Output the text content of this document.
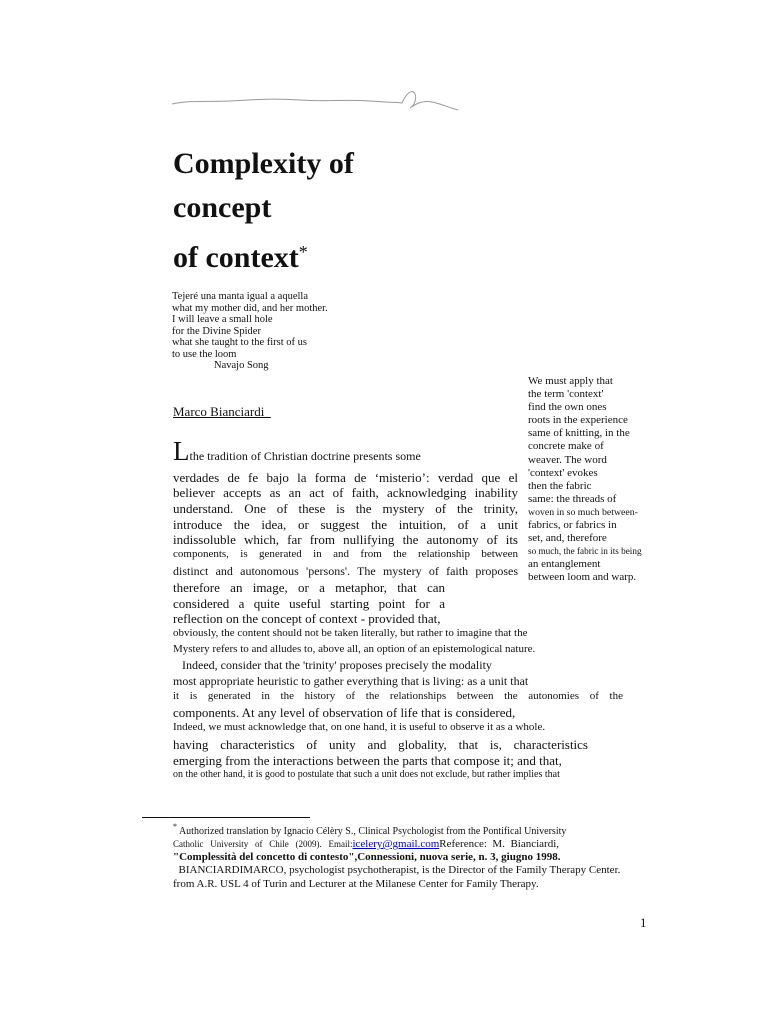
Complexity of
concept
of context*
Tejeré una manta igual a aquella
what my mother did, and her mother.
I will leave a small hole
for the Divine Spider
what she taught to the first of us
to use the loom
Navajo Song
Marco Bianciardi
We must apply that
the term 'context'
find the own ones
roots in the experience
same of knitting, in the
concrete make of
weaver. The word
'context' evokes
then the fabric
same: the threads of
woven in so much between-
fabrics, or fabrics in
set, and, therefore
so much, the fabric in its being
an entanglement
between loom and warp.
Lthe tradition of Christian doctrine presents some
verdades de fe bajo la forma de ‘misterio’: verdad que el
believer accepts as an act of faith, acknowledging inability
understand. One of these is the mystery of the trinity,
introduce the idea, or suggest the intuition, of a unit
indissoluble which, far from nullifying the autonomy of its
components, is generated in and from the relationship between
distinct and autonomous 'persons'. The mystery of faith proposes
therefore an image, or a metaphor, that can
considered a quite useful starting point for a
reflection on the concept of context - provided that,
obviously, the content should not be taken literally, but rather to imagine that the
Mystery refers to and alludes to, above all, an option of an epistemological nature.
Indeed, consider that the 'trinity' proposes precisely the modality
most appropriate heuristic to gather everything that is living: as a unit that
it is generated in the history of the relationships between the autonomies of the
components. At any level of observation of life that is considered,
Indeed, we must acknowledge that, on one hand, it is useful to observe it as a whole.
having characteristics of unity and globality, that is, characteristics
emerging from the interactions between the parts that compose it; and that,
on the other hand, it is good to postulate that such a unit does not exclude, but rather implies that
* Authorized translation by Ignacio Célèry S., Clinical Psychologist from the Pontifical University
Catholic   University   of   Chile   (2009).   Email:icelery@gmail.comReference:  M.  Bianciardi,
"Complessità del concetto di contesto",Connessioni, nuova serie, n. 3, giugno 1998.
BIANCIARDIMARCO, psychologist psychotherapist, is the Director of the Family Therapy Center.
from A.R. USL 4 of Turin and Lecturer at the Milanese Center for Family Therapy.
1
